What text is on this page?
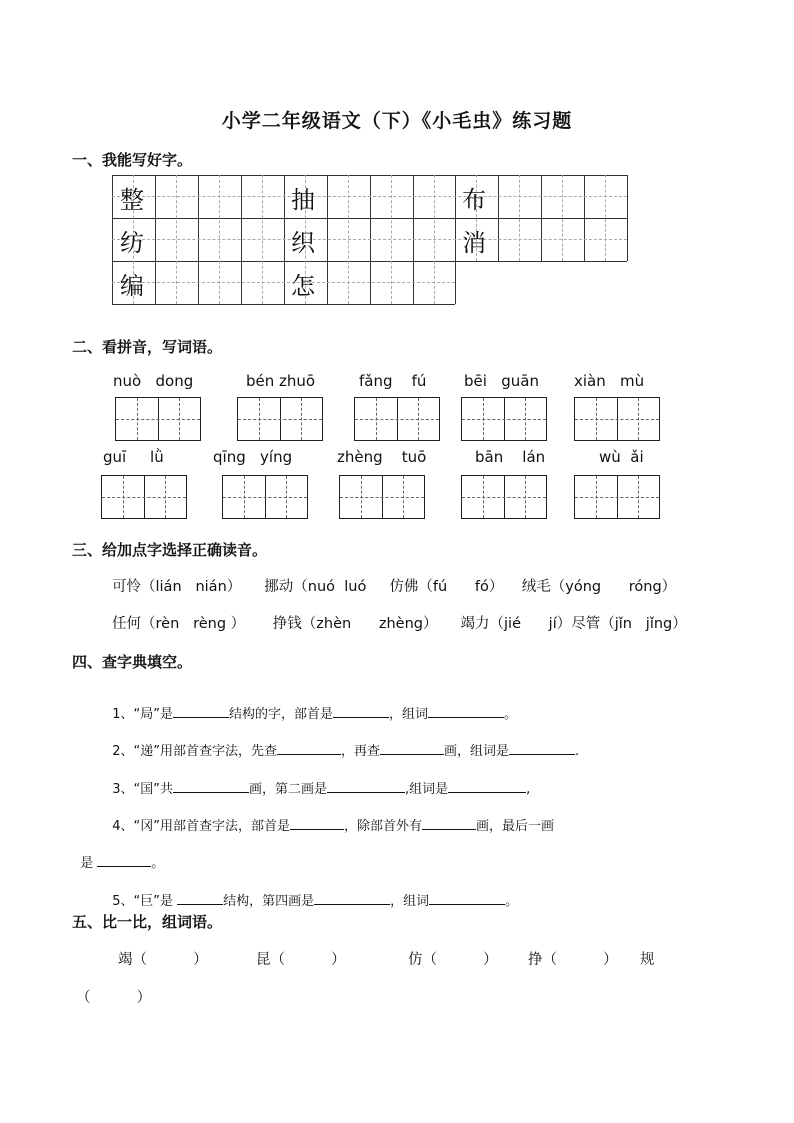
小学二年级语文（下）《小毛虫》练习题
一、我能写好字。
整	抽	布
纺	织	消
编	怎
二、看拼音，写词语。
nuò   dong	bén zhuō	fǎng    fú	bēi   guān xiàn   mù
guī     lǜ	qīng   yíng	zhèng    tuō	bān    lán	wù  ǎi
三、给加点字选择正确读音。
可怜（lián   nián）     挪动（nuó  luó     仿佛（fú      fó）    绒毛（yóng      róng）
任何（rèn   rèng ）      挣钱（zhèn      zhèng）     竭力（jié      jí）尽管（jǐn   jǐng）
四、查字典填空。

1、“局”是	结构的字，部首是	，组词	。

2、“递”用部首查字法，先查	，再查	画，组词是	.

3、“国”共	画，第二画是	,组词是	,

4、“冈”用部首查字法，部首是	，除部首外有	画，最后一画

是	。

5、“巨”是	结构，第四画是	，组词	。

五、比一比，组词语。
竭（          ）	昆（          ）	仿（          ） 挣（          ） 规
（          ）
